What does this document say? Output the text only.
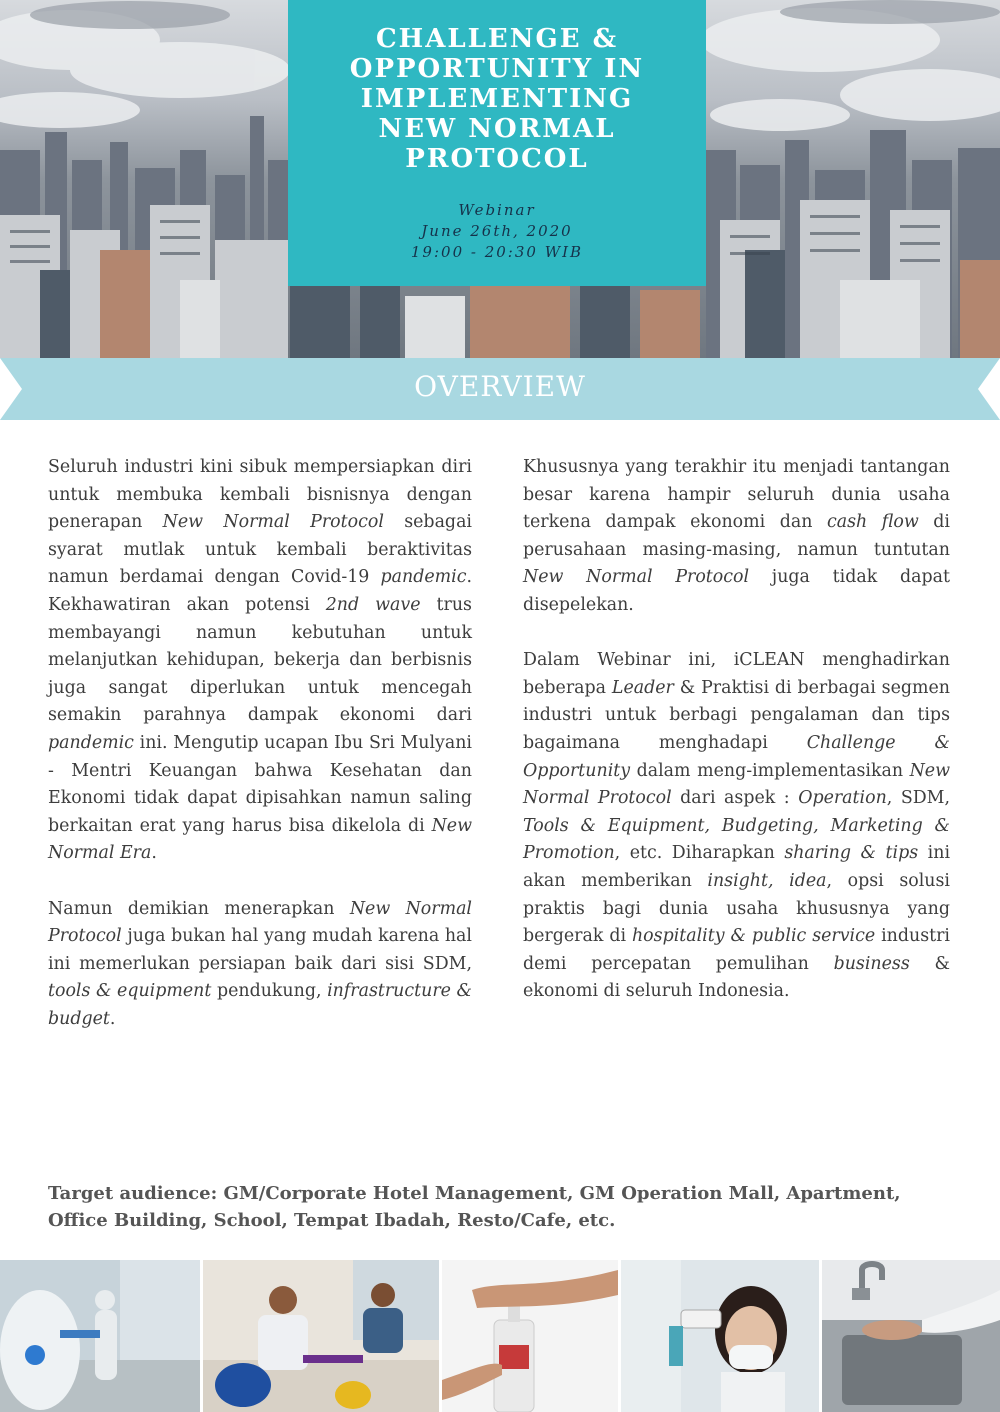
CHALLENGE &
OPPORTUNITY IN
IMPLEMENTING
NEW NORMAL
PROTOCOL
Webinar
June 26th, 2020
19:00 - 20:30 WIB
OVERVIEW

Seluruh industri kini sibuk mempersiapkan diri untuk membuka kembali bisnisnya dengan penerapan New Normal Protocol sebagai syarat mutlak untuk kembali beraktivitas namun berdamai dengan Covid-19 pandemic. Kekhawatiran akan potensi 2nd wave trus membayangi namun kebutuhan untuk melanjutkan kehidupan, bekerja dan berbisnis juga sangat diperlukan untuk mencegah semakin parahnya dampak ekonomi dari pandemic ini. Mengutip ucapan Ibu Sri Mulyani - Mentri Keuangan bahwa Kesehatan dan Ekonomi tidak dapat dipisahkan namun saling berkaitan erat yang harus bisa dikelola di New Normal Era.

Namun demikian menerapkan New Normal Protocol juga bukan hal yang mudah karena hal ini memerlukan persiapan baik dari sisi SDM, tools & equipment pendukung, infrastructure & budget.

Khususnya yang terakhir itu menjadi tantangan besar karena hampir seluruh dunia usaha terkena dampak ekonomi dan cash flow di perusahaan masing-masing, namun tuntutan New Normal Protocol juga tidak dapat disepelekan.

Dalam Webinar ini, iCLEAN menghadirkan beberapa Leader & Praktisi di berbagai segmen industri untuk berbagi pengalaman dan tips bagaimana menghadapi Challenge & Opportunity dalam meng-implementasikan New Normal Protocol dari aspek : Operation, SDM, Tools & Equipment, Budgeting, Marketing & Promotion, etc. Diharapkan sharing & tips ini akan memberikan insight, idea, opsi solusi praktis bagi dunia usaha khususnya yang bergerak di hospitality & public service industri demi percepatan pemulihan business & ekonomi di seluruh Indonesia.

Target audience: GM/Corporate Hotel Management, GM Operation Mall, Apartment, Office Building, School, Tempat Ibadah, Resto/Cafe, etc.
